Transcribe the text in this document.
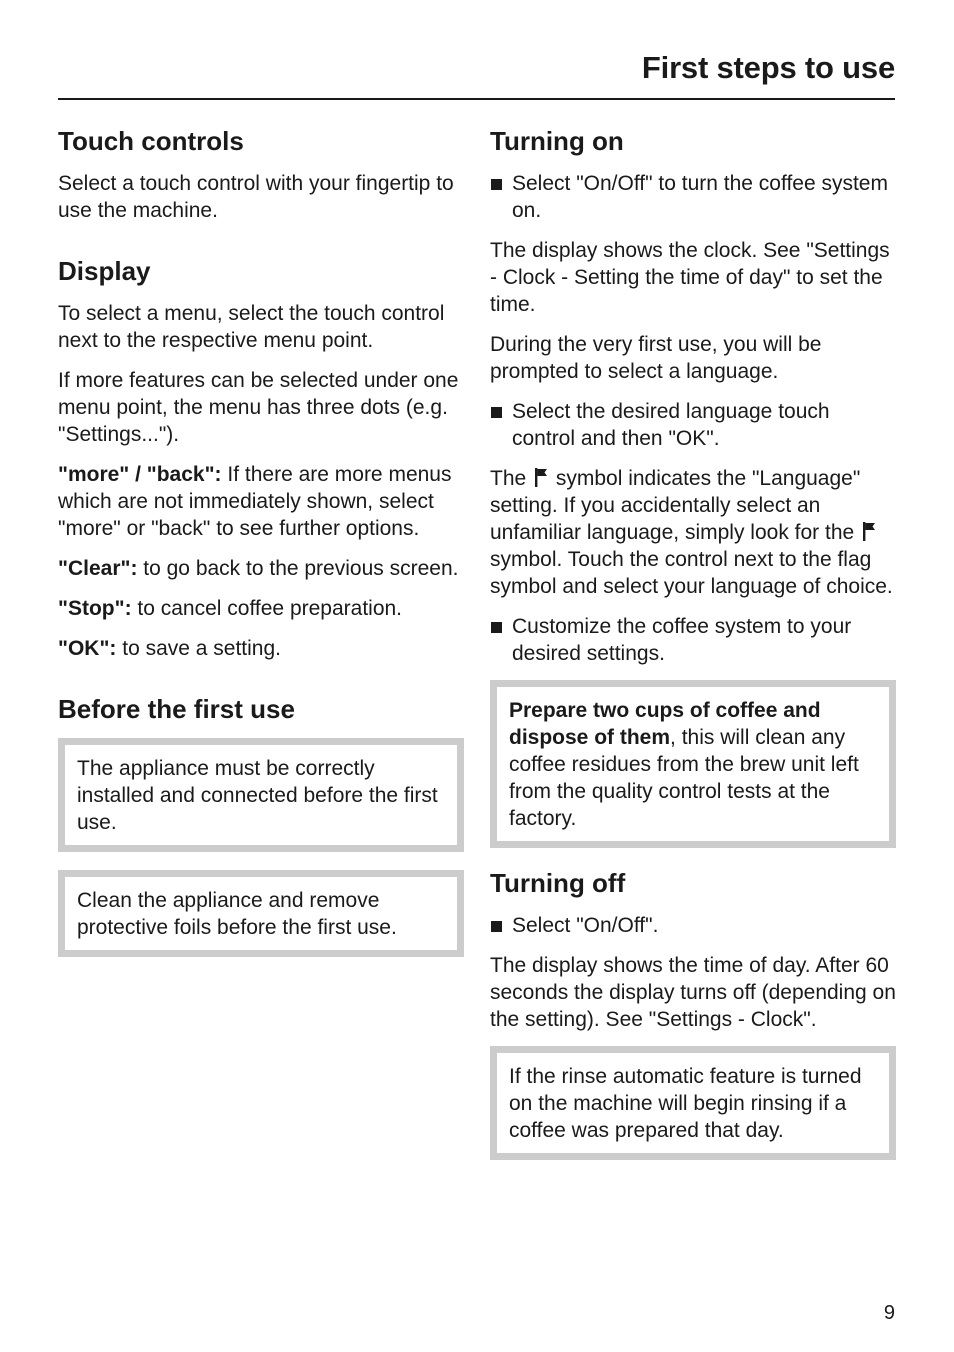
First steps to use
Touch controls

Select a touch control with your fingertip to use the machine.

Display

To select a menu, select the touch control next to the respective menu point.

If more features can be selected under one menu point, the menu has three dots (e.g. "Settings...").

"more" / "back": If there are more menus which are not immediately shown, select "more" or "back" to see further options.

"Clear": to go back to the previous screen.

"Stop": to cancel coffee preparation.

"OK": to save a setting.

Before the first use

The appliance must be correctly installed and connected before the first use.

Clean the appliance and remove protective foils before the first use.

Turning on

Select "On/Off" to turn the coffee system on.

The display shows the clock. See "Settings - Clock - Setting the time of day" to set the time.

During the very first use, you will be prompted to select a language.

Select the desired language touch control and then "OK".

The  symbol indicates the "Language" setting. If you accidentally select an unfamiliar language, simply look for the  symbol. Touch the control next to the flag symbol and select your language of choice.

Customize the coffee system to your desired settings.

Prepare two cups of coffee and dispose of them, this will clean any coffee residues from the brew unit left from the quality control tests at the factory.

Turning off

Select "On/Off".

The display shows the time of day. After 60 seconds the display turns off (depending on the setting). See "Settings - Clock".

If the rinse automatic feature is turned on the machine will begin rinsing if a coffee was prepared that day.

9
